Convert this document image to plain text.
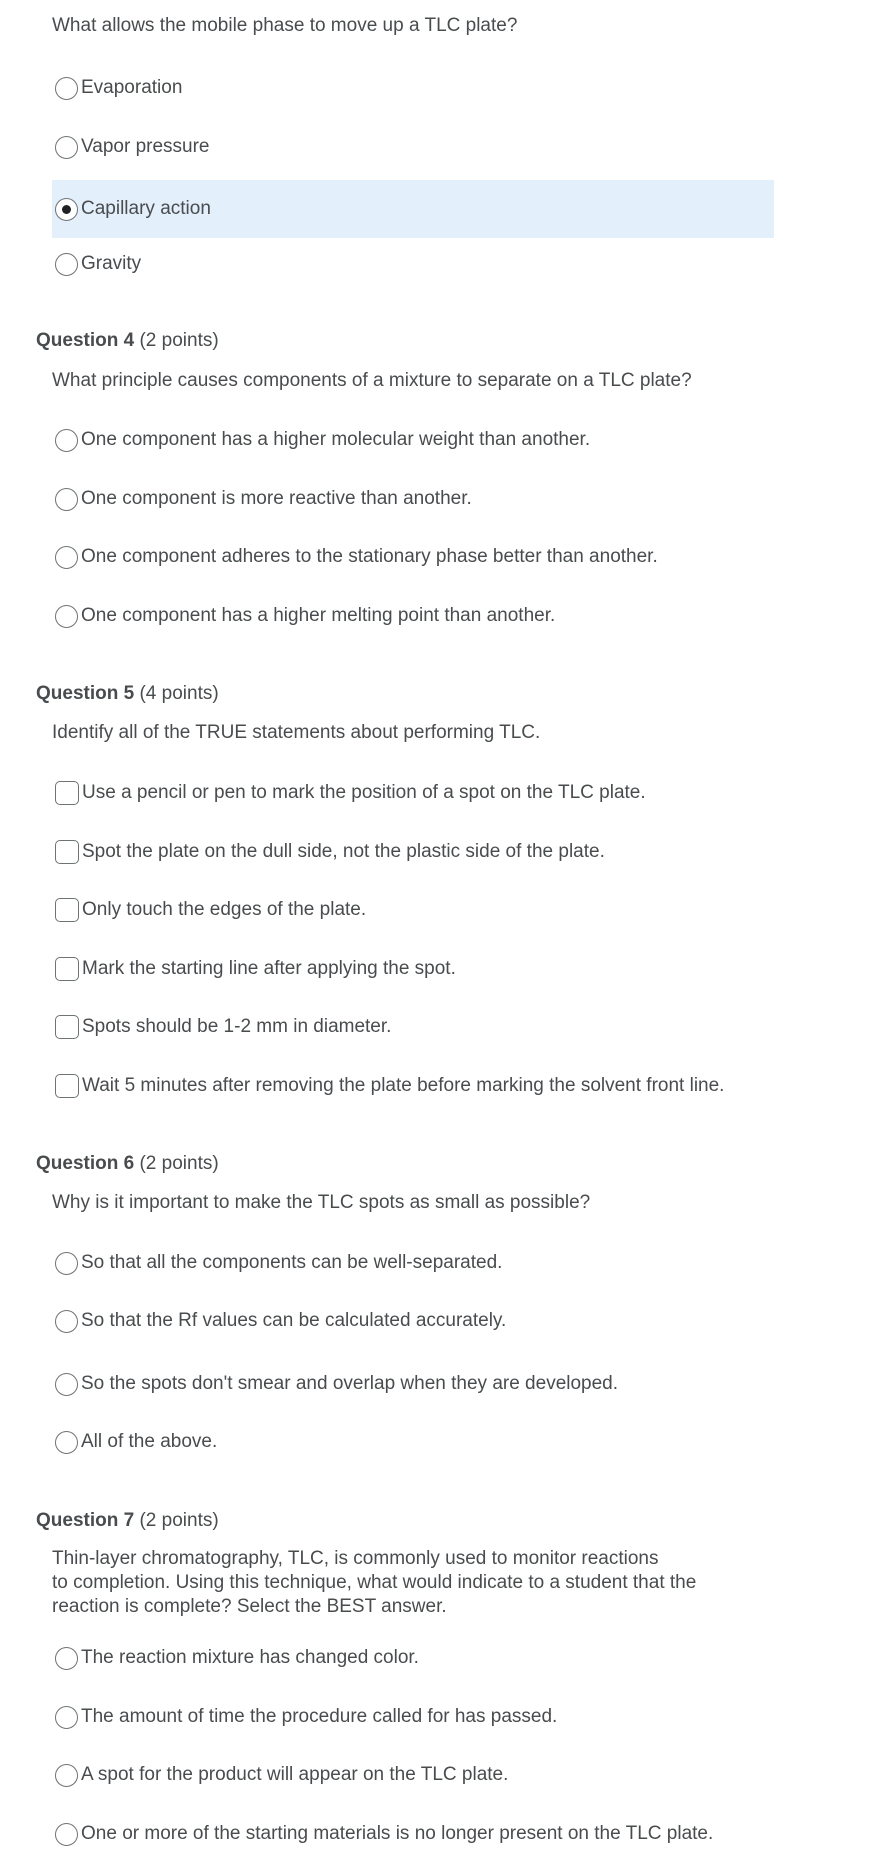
What allows the mobile phase to move up a TLC plate?
Evaporation
Vapor pressure
Capillary action
Gravity
Question 4 (2 points)
What principle causes components of a mixture to separate on a TLC plate?
One component has a higher molecular weight than another.
One component is more reactive than another.
One component adheres to the stationary phase better than another.
One component has a higher melting point than another.
Question 5 (4 points)
Identify all of the TRUE statements about performing TLC.
Use a pencil or pen to mark the position of a spot on the TLC plate.
Spot the plate on the dull side, not the plastic side of the plate.
Only touch the edges of the plate.
Mark the starting line after applying the spot.
Spots should be 1-2 mm in diameter.
Wait 5 minutes after removing the plate before marking the solvent front line.
Question 6 (2 points)
Why is it important to make the TLC spots as small as possible?
So that all the components can be well-separated.
So that the Rf values can be calculated accurately.
So the spots don't smear and overlap when they are developed.
All of the above.
Question 7 (2 points)
Thin-layer chromatography, TLC, is commonly used to monitor reactions
to completion. Using this technique, what would indicate to a student that the
reaction is complete? Select the BEST answer.
The reaction mixture has changed color.
The amount of time the procedure called for has passed.
A spot for the product will appear on the TLC plate.
One or more of the starting materials is no longer present on the TLC plate.
